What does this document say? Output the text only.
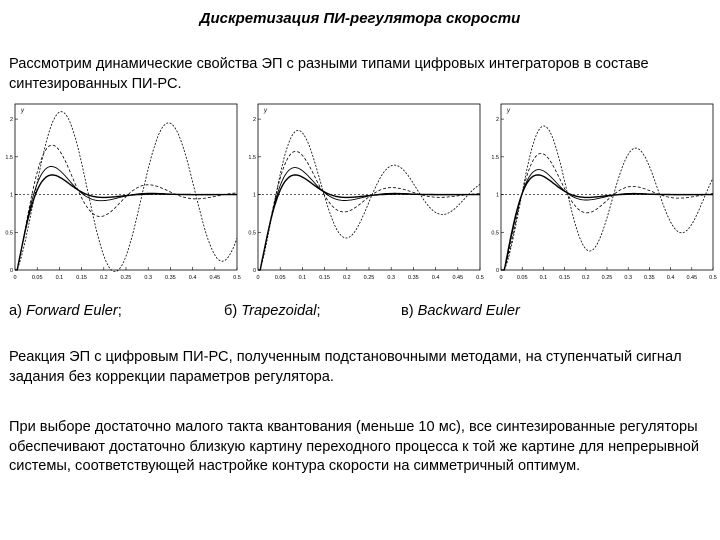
Дискретизация ПИ-регулятора скорости
Рассмотрим динамические свойства ЭП с разными типами цифровых интеграторов в составе синтезированных ПИ-РС.
0
0.5
1
1.5
2
y
0	0.05 0.1 0.15 0.2 0.25 0.3 0.35 0.4 0.45 0.5
0
0.5
1
1.5
2
y
0	0.05 0.1 0.15 0.2 0.25 0.3 0.35 0.4 0.45 0.5
0
0.5
1
1.5
2
y
0	0.05 0.1 0.15 0.2 0.25 0.3 0.35 0.4 0.45 0.5
а) Forward Euler;	б) Trapezoidal;	в) Backward Euler
Реакция ЭП с цифровым ПИ-РС, полученным подстановочными методами, на ступенчатый сигнал задания без коррекции параметров регулятора.
При выборе достаточно малого такта квантования (меньше 10 мс), все синтезированные регуляторы обеспечивают достаточно близкую картину переходного процесса к той же картине для непрерывной системы, соответствующей настройке контура скорости на симметричный оптимум.
